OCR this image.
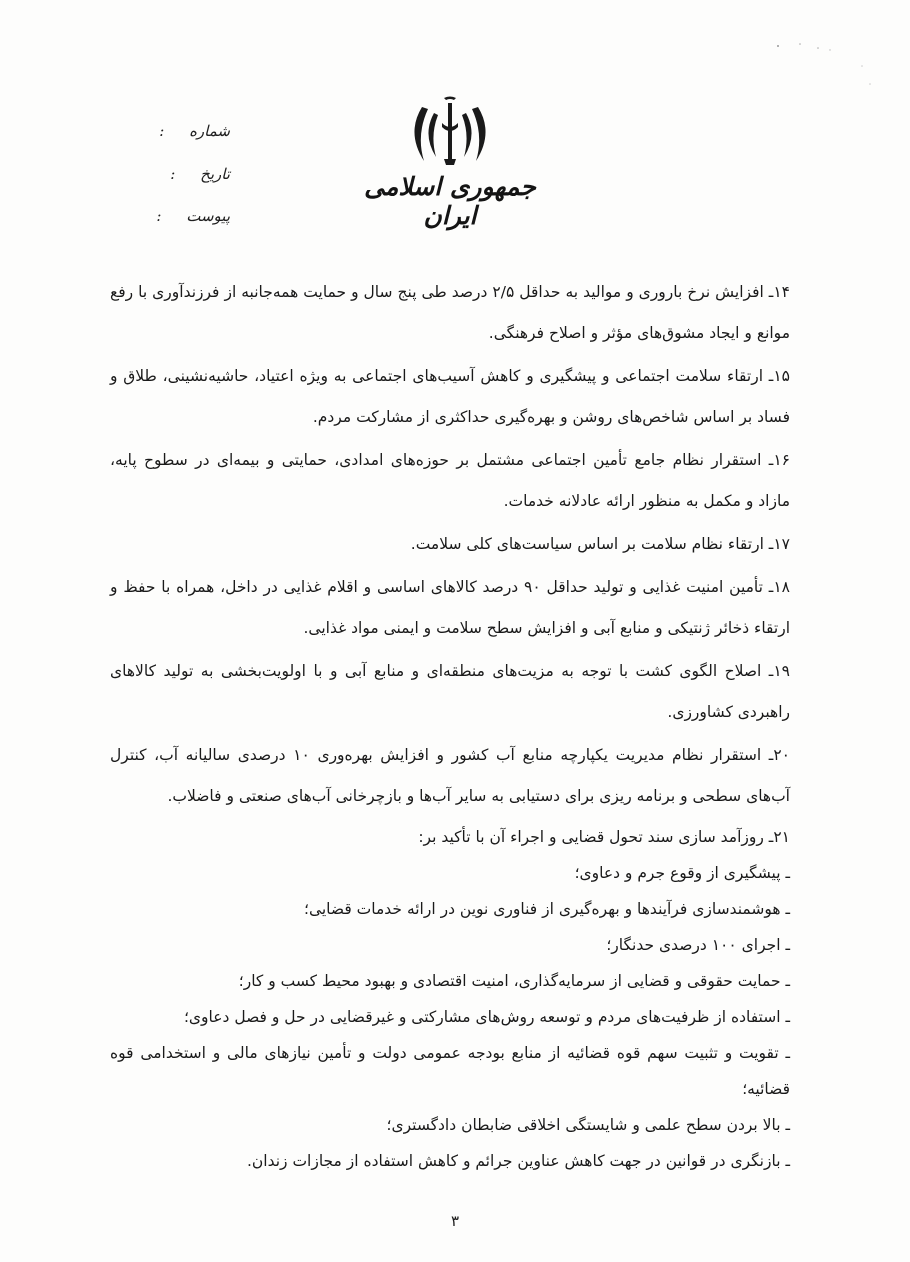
جمهوری اسلامی ایران
شماره :
تاریخ :
پیوست :

۱۴ـ افزایش نرخ باروری و موالید به حداقل ۲/۵ درصد طی پنج سال و حمایت همه‌جانبه از فرزندآوری با رفع موانع و ایجاد مشوق‌های مؤثر و اصلاح فرهنگی.

۱۵ـ ارتقاء سلامت اجتماعی و پیشگیری و کاهش آسیب‌های اجتماعی به ویژه اعتیاد، حاشیه‌نشینی، طلاق و فساد بر اساس شاخص‌های روشن و بهره‌گیری حداکثری از مشارکت مردم.

۱۶ـ استقرار نظام جامع تأمین اجتماعی مشتمل بر حوزه‌های امدادی، حمایتی و بیمه‌ای در سطوح پایه، مازاد و مکمل به منظور ارائه عادلانه خدمات.

۱۷ـ ارتقاء نظام سلامت بر اساس سیاست‌های کلی سلامت.

۱۸ـ تأمین امنیت غذایی و تولید حداقل ۹۰ درصد کالاهای اساسی و اقلام غذایی در داخل، همراه با حفظ و ارتقاء ذخائر ژنتیکی و منابع آبی و افزایش سطح سلامت و ایمنی مواد غذایی.

۱۹ـ اصلاح الگوی کشت با توجه به مزیت‌های منطقه‌ای و منابع آبی و با اولویت‌بخشی به تولید کالاهای راهبردی کشاورزی.

۲۰ـ استقرار نظام مدیریت یکپارچه منابع آب کشور و افزایش بهره‌وری ۱۰ درصدی سالیانه آب، کنترل آب‌های سطحی و برنامه ریزی برای دستیابی به سایر آب‌ها و بازچرخانی آب‌های صنعتی و فاضلاب.

۲۱ـ روزآمد سازی سند تحول قضایی و اجراء آن با تأکید بر:
ـ پیشگیری از وقوع جرم و دعاوی؛
ـ هوشمندسازی فرآیندها و بهره‌گیری از فناوری نوین در ارائه خدمات قضایی؛
ـ اجرای ۱۰۰ درصدی حدنگار؛
ـ حمایت حقوقی و قضایی از سرمایه‌گذاری، امنیت اقتصادی و بهبود محیط کسب و کار؛
ـ استفاده از ظرفیت‌های مردم و توسعه روش‌های مشارکتی و غیرقضایی در حل و فصل دعاوی؛
ـ تقویت و تثبیت سهم قوه قضائیه از منابع بودجه عمومی دولت و تأمین نیازهای مالی و استخدامی قوه قضائیه؛
ـ بالا بردن سطح علمی و شایستگی اخلاقی ضابطان دادگستری؛
ـ بازنگری در قوانین در جهت کاهش عناوین جرائم و کاهش استفاده از مجازات زندان.
۳
